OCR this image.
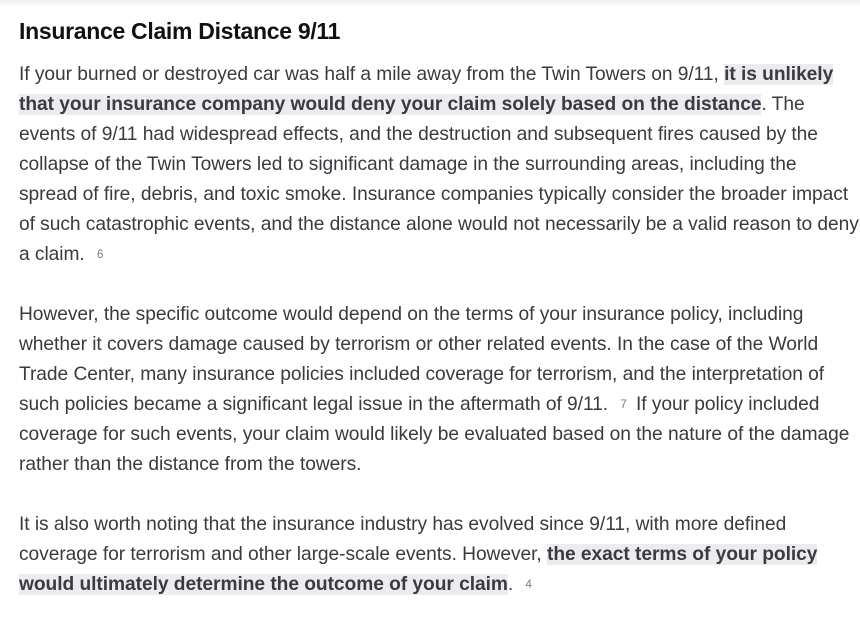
Insurance Claim Distance 9/11

If your burned or destroyed car was half a mile away from the Twin Towers on 9/11, it is unlikely that your insurance company would deny your claim solely based on the distance. The events of 9/11 had widespread effects, and the destruction and subsequent fires caused by the collapse of the Twin Towers led to significant damage in the surrounding areas, including the spread of fire, debris, and toxic smoke. Insurance companies typically consider the broader impact of such catastrophic events, and the distance alone would not necessarily be a valid reason to deny a claim. 6

However, the specific outcome would depend on the terms of your insurance policy, including whether it covers damage caused by terrorism or other related events. In the case of the World Trade Center, many insurance policies included coverage for terrorism, and the interpretation of such policies became a significant legal issue in the aftermath of 9/11. 7 If your policy included coverage for such events, your claim would likely be evaluated based on the nature of the damage rather than the distance from the towers.

It is also worth noting that the insurance industry has evolved since 9/11, with more defined coverage for terrorism and other large-scale events. However, the exact terms of your policy would ultimately determine the outcome of your claim. 4
